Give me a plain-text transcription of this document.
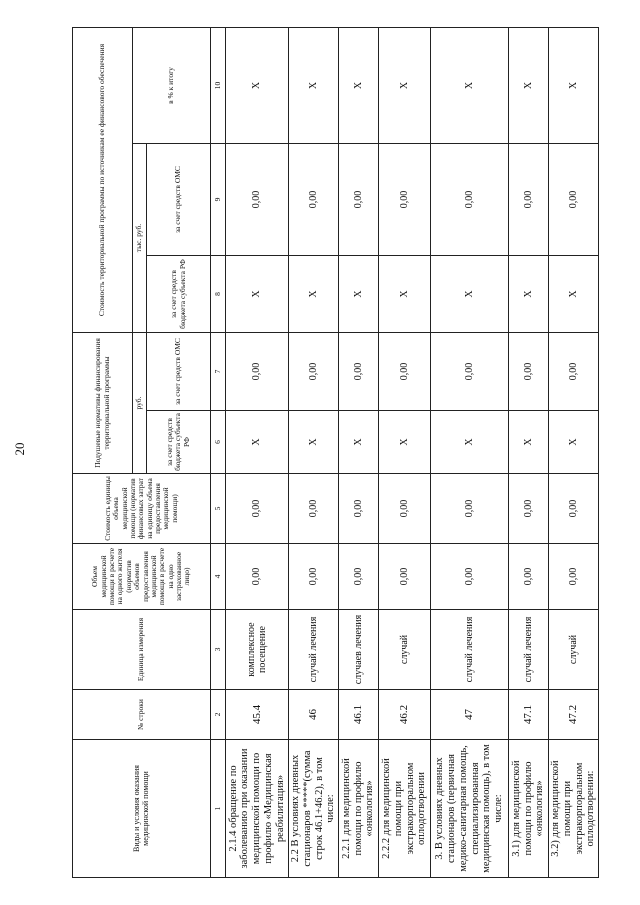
20
Виды и условия оказания медицинской помощи	№ строки	Единица измерения	Объем медицинской помощи в расчете на одного жителя (норматив объемов предоставления медицинской помощи в расчете на одно застрахованное лицо)	Стоимость единицы объема медицинской помощи (норматив финансовых затрат на единицу объема предоставления медицинской помощи)	Подушевые нормативы финансирования территориальной программы		Стоимость территориальной программы по источникам ее финансового обеспечения		
					руб.		тыс. руб.		в % к итогу
					за счет средств бюджета субъекта РФ	за счет средств ОМС	за счет средств бюджета субъекта РФ	за счет средств ОМС	
1	2	3	4	5	6	7	8	9	10
2.1.4 обращение по заболеванию при оказании медицинской помощи по профилю «Медицинская реабилитация»	45.4	комплексное посещение	0,00	0,00	X	0,00	X	0,00	X
2.2 В условиях дневных стационаров *****(сумма строк 46.1+46.2), в том числе:	46	случай лечения	0,00	0,00	X	0,00	X	0,00	X
2.2.1 для медицинской помощи по профилю «онкология»	46.1	случаев лечения	0,00	0,00	X	0,00	X	0,00	X
2.2.2 для медицинской помощи при экстракорпоральном оплодотворении	46.2	случай	0,00	0,00	X	0,00	X	0,00	X
3. В условиях дневных стационаров (первичная медико-санитарная помощь, специализированная медицинская помощь), в том числе:	47	случай лечения	0,00	0,00	X	0,00	X	0,00	X
3.1) для медицинской помощи по профилю «онкология»	47.1	случай лечения	0,00	0,00	X	0,00	X	0,00	X
3.2) для медицинской помощи при экстракорпоральном оплодотворении:	47.2	случай	0,00	0,00	X	0,00	X	0,00	X
